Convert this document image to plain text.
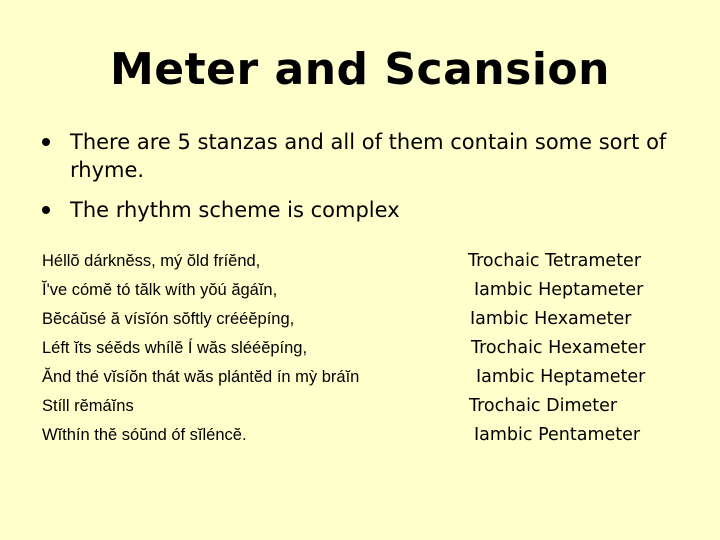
Meter and Scansion
There are 5 stanzas and all of them contain some sort of rhyme.
The rhythm scheme is complex
Héllŏ dárknĕss, mý ŏld fríĕnd,	Trochaic Tetrameter
Ĭ've cómĕ tó tălk wíth yŏú ăgáĭn,	Iambic Heptameter
Bĕcáŭsé ă vísĭón sŏftly crééĕpíng,	Iambic Hexameter
Léft ĭts séĕds whílĕ Í wăs slééĕpíng,	Trochaic Hexameter
Ănd thé vĭsíŏn thát wăs plántĕd ín mỳ bráĭn	Iambic Heptameter
Stíll rĕmáĭns	Trochaic Dimeter
Wĭthín thĕ sóŭnd óf sĭléncĕ.	Iambic Pentameter
